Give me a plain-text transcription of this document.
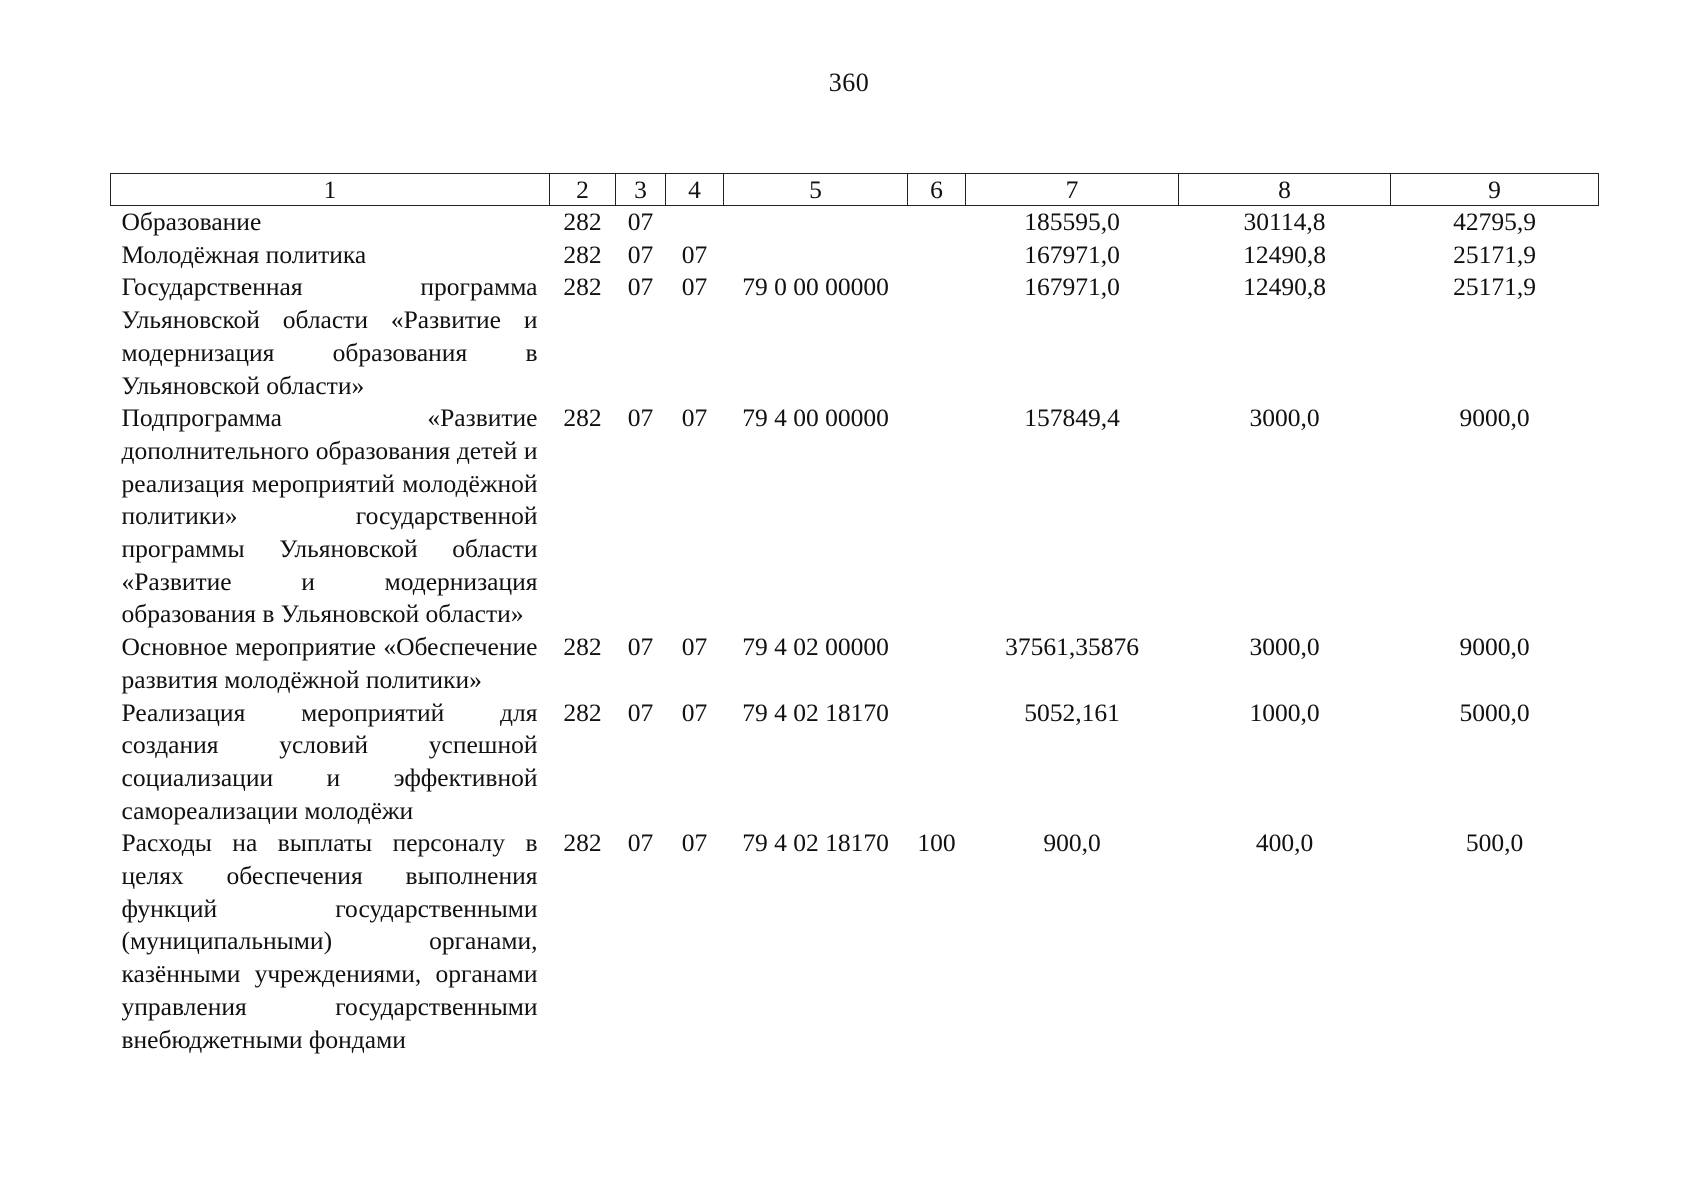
360
1	2	3	4	5	6	7	8	9
Образование	282	07				185595,0	30114,8	42795,9
Молодёжная политика	282	07	07			167971,0	12490,8	25171,9
Государственная программа Ульяновской области «Развитие и модернизация образования в Ульяновской области»	282	07	07	79 0 00 00000		167971,0	12490,8	25171,9
Подпрограмма «Развитие дополнительного образования детей и реализация мероприятий молодёжной политики» государственной программы Ульяновской области «Развитие и модернизация образования в Ульяновской области»	282	07	07	79 4 00 00000		157849,4	3000,0	9000,0
Основное мероприятие «Обеспечение развития молодёжной политики»	282	07	07	79 4 02 00000		37561,35876	3000,0	9000,0
Реализация мероприятий для создания условий успешной социализации и эффективной самореализации молодёжи	282	07	07	79 4 02 18170		5052,161	1000,0	5000,0
Расходы на выплаты персоналу в целях обеспечения выполнения функций государственными (муниципальными) органами, казёнными учреждениями, органами управления государственными внебюджетными фондами	282	07	07	79 4 02 18170	100	900,0	400,0	500,0
